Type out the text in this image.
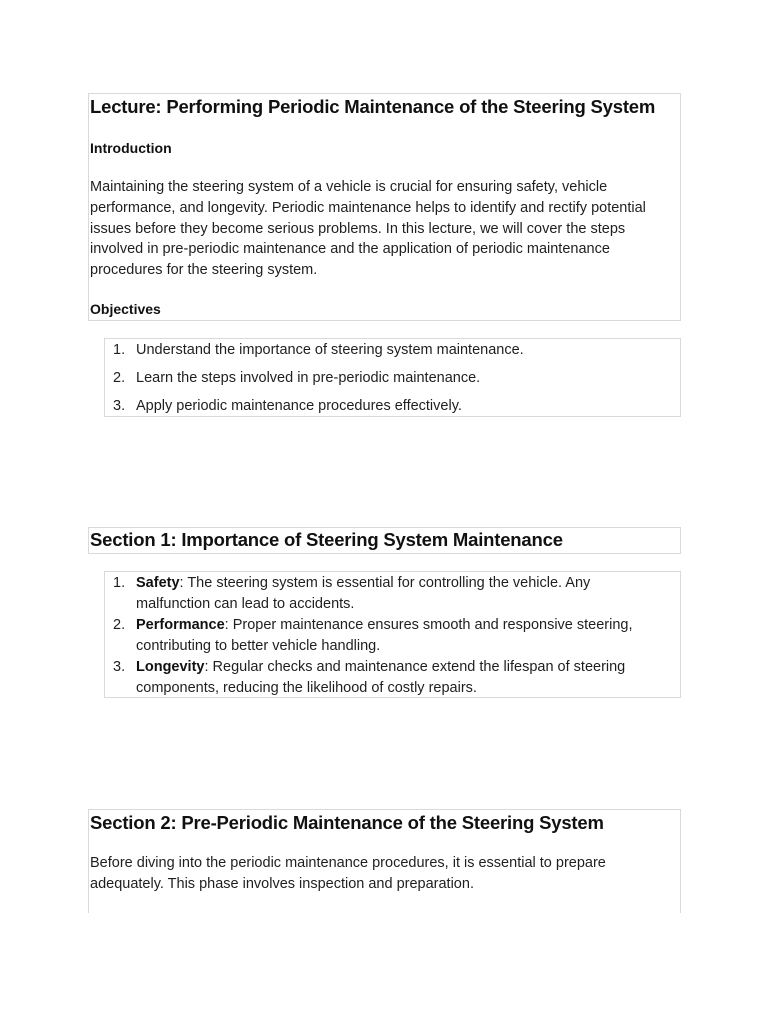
Lecture: Performing Periodic Maintenance of the Steering System
Introduction

Maintaining the steering system of a vehicle is crucial for ensuring safety, vehicle performance, and longevity. Periodic maintenance helps to identify and rectify potential issues before they become serious problems. In this lecture, we will cover the steps involved in pre-periodic maintenance and the application of periodic maintenance procedures for the steering system.

Objectives
1. Understand the importance of steering system maintenance.
2. Learn the steps involved in pre-periodic maintenance.
3. Apply periodic maintenance procedures effectively.
Section 1: Importance of Steering System Maintenance
1. Safety: The steering system is essential for controlling the vehicle. Any malfunction can lead to accidents.
2. Performance: Proper maintenance ensures smooth and responsive steering, contributing to better vehicle handling.
3. Longevity: Regular checks and maintenance extend the lifespan of steering components, reducing the likelihood of costly repairs.
Section 2: Pre-Periodic Maintenance of the Steering System

Before diving into the periodic maintenance procedures, it is essential to prepare adequately. This phase involves inspection and preparation.
